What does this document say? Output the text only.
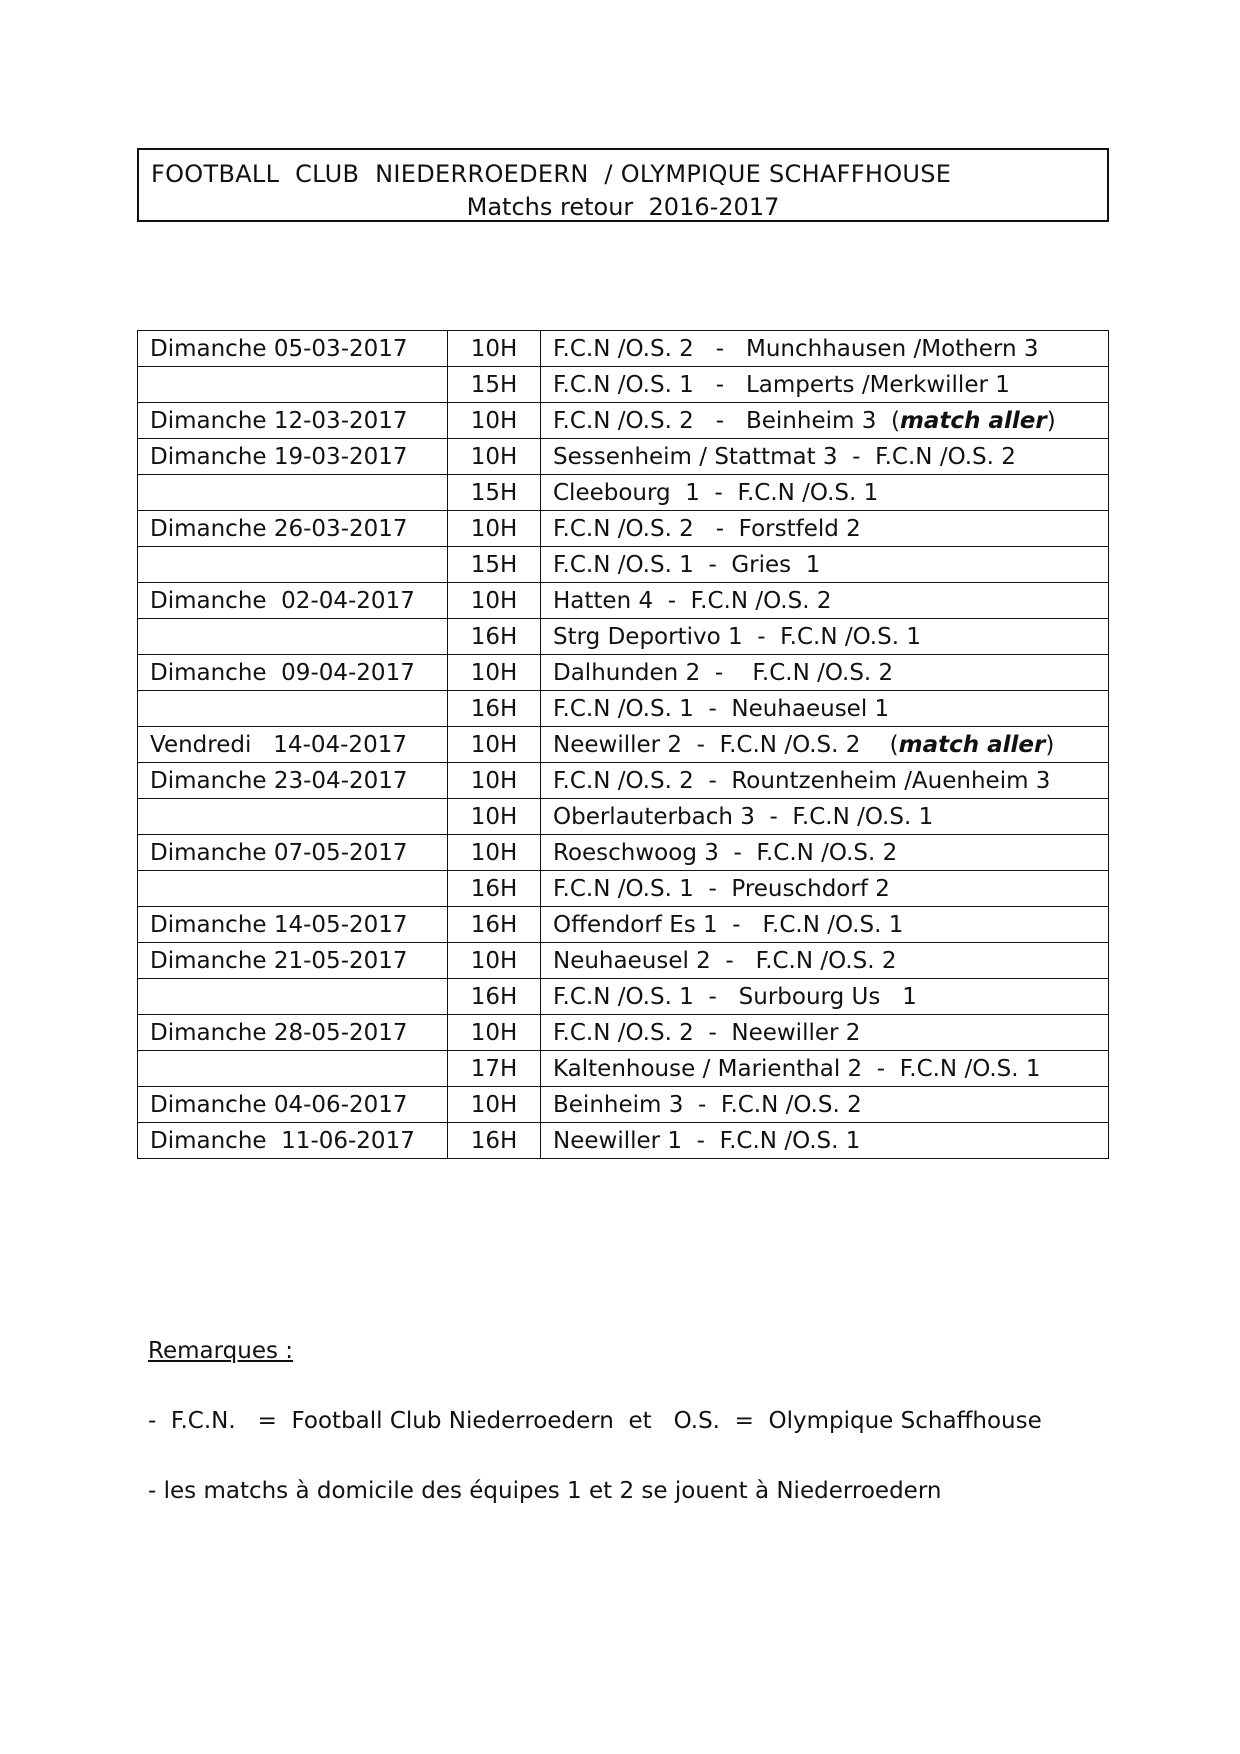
FOOTBALL  CLUB  NIEDERROEDERN  / OLYMPIQUE SCHAFFHOUSE
Matchs retour  2016-2017
Dimanche 05-03-2017	10H	F.C.N /O.S. 2   -   Munchhausen /Mothern 3
	15H	F.C.N /O.S. 1   -   Lamperts /Merkwiller 1
Dimanche 12-03-2017	10H	F.C.N /O.S. 2   -   Beinheim 3  (match aller)
Dimanche 19-03-2017	10H	Sessenheim / Stattmat 3  -  F.C.N /O.S. 2
	15H	Cleebourg  1  -  F.C.N /O.S. 1
Dimanche 26-03-2017	10H	F.C.N /O.S. 2   -  Forstfeld 2
	15H	F.C.N /O.S. 1  -  Gries  1
Dimanche  02-04-2017	10H	Hatten 4  -  F.C.N /O.S. 2
	16H	Strg Deportivo 1  -  F.C.N /O.S. 1
Dimanche  09-04-2017	10H	Dalhunden 2  -    F.C.N /O.S. 2
	16H	F.C.N /O.S. 1  -  Neuhaeusel 1
Vendredi   14-04-2017	10H	Neewiller 2  -  F.C.N /O.S. 2    (match aller)
Dimanche 23-04-2017	10H	F.C.N /O.S. 2  -  Rountzenheim /Auenheim 3
	10H	Oberlauterbach 3  -  F.C.N /O.S. 1
Dimanche 07-05-2017	10H	Roeschwoog 3  -  F.C.N /O.S. 2
	16H	F.C.N /O.S. 1  -  Preuschdorf 2
Dimanche 14-05-2017	16H	Offendorf Es 1  -   F.C.N /O.S. 1
Dimanche 21-05-2017	10H	Neuhaeusel 2  -   F.C.N /O.S. 2
	16H	F.C.N /O.S. 1  -   Surbourg Us   1
Dimanche 28-05-2017	10H	F.C.N /O.S. 2  -  Neewiller 2
	17H	Kaltenhouse / Marienthal 2  -  F.C.N /O.S. 1
Dimanche 04-06-2017	10H	Beinheim 3  -  F.C.N /O.S. 2
Dimanche  11-06-2017	16H	Neewiller 1  -  F.C.N /O.S. 1
Remarques :
-  F.C.N.   =  Football Club Niederroedern  et   O.S.  =  Olympique Schaffhouse
- les matchs à domicile des équipes 1 et 2 se jouent à Niederroedern
